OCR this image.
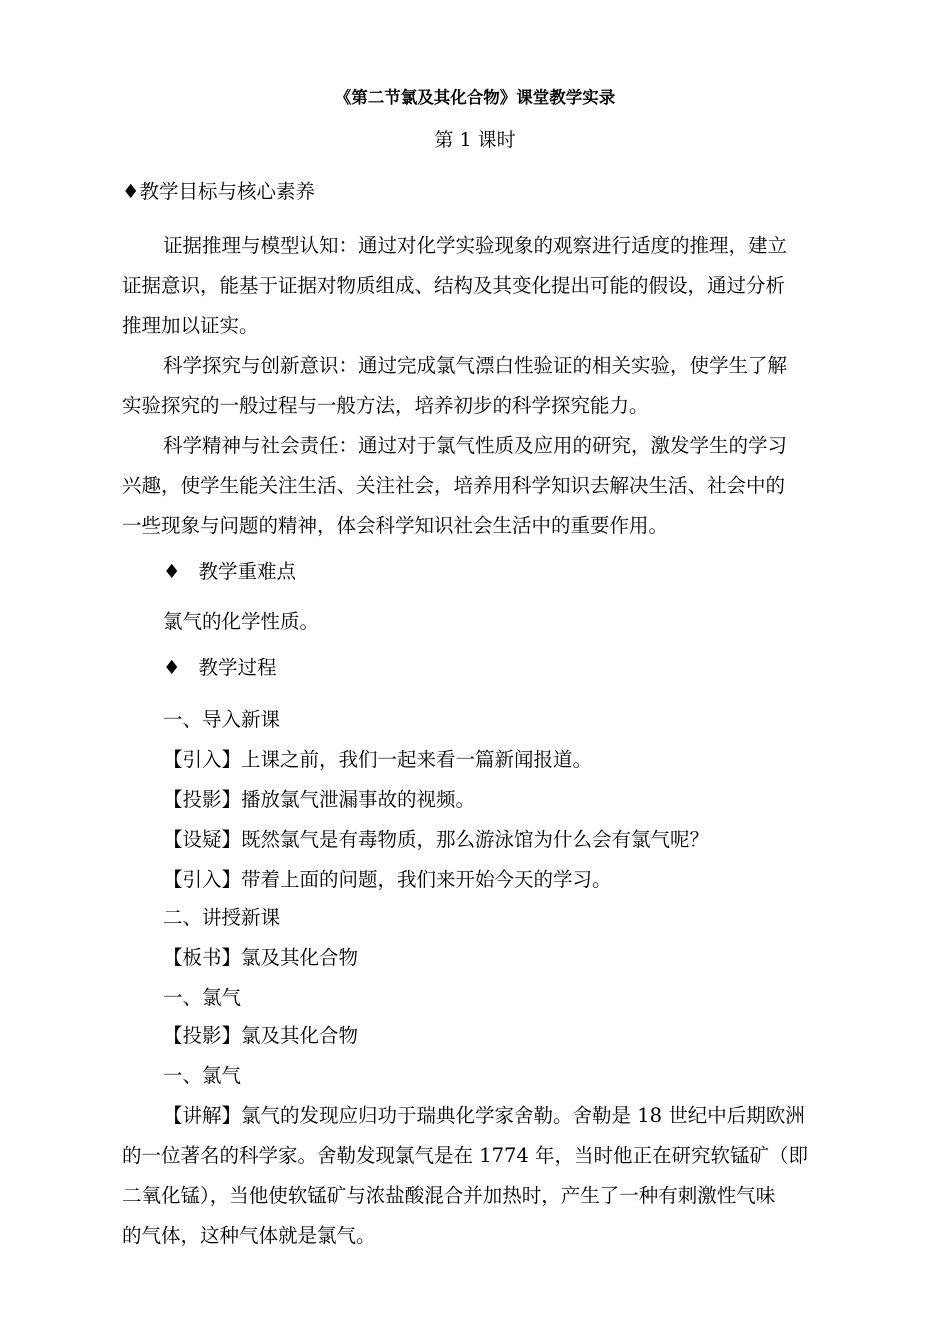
《第二节氯及其化合物》课堂教学实录
第 1 课时
♦教学目标与核心素养
证据推理与模型认知：通过对化学实验现象的观察进行适度的推理，建立
证据意识，能基于证据对物质组成、结构及其变化提出可能的假设，通过分析
推理加以证实。
科学探究与创新意识：通过完成氯气漂白性验证的相关实验，使学生了解
实验探究的一般过程与一般方法，培养初步的科学探究能力。
科学精神与社会责任：通过对于氯气性质及应用的研究，激发学生的学习
兴趣，使学生能关注生活、关注社会，培养用科学知识去解决生活、社会中的
一些现象与问题的精神，体会科学知识社会生活中的重要作用。
♦ 教学重难点
氯气的化学性质。
♦ 教学过程
一、导入新课
【引入】上课之前，我们一起来看一篇新闻报道。
【投影】播放氯气泄漏事故的视频。
【设疑】既然氯气是有毒物质，那么游泳馆为什么会有氯气呢？
【引入】带着上面的问题，我们来开始今天的学习。
二、讲授新课
【板书】氯及其化合物
一、氯气
【投影】氯及其化合物
一、氯气
【讲解】氯气的发现应归功于瑞典化学家舍勒。舍勒是 18 世纪中后期欧洲
的一位著名的科学家。舍勒发现氯气是在 1774 年，当时他正在研究软锰矿（即
二氧化锰），当他使软锰矿与浓盐酸混合并加热时，产生了一种有刺激性气味
的气体，这种气体就是氯气。
